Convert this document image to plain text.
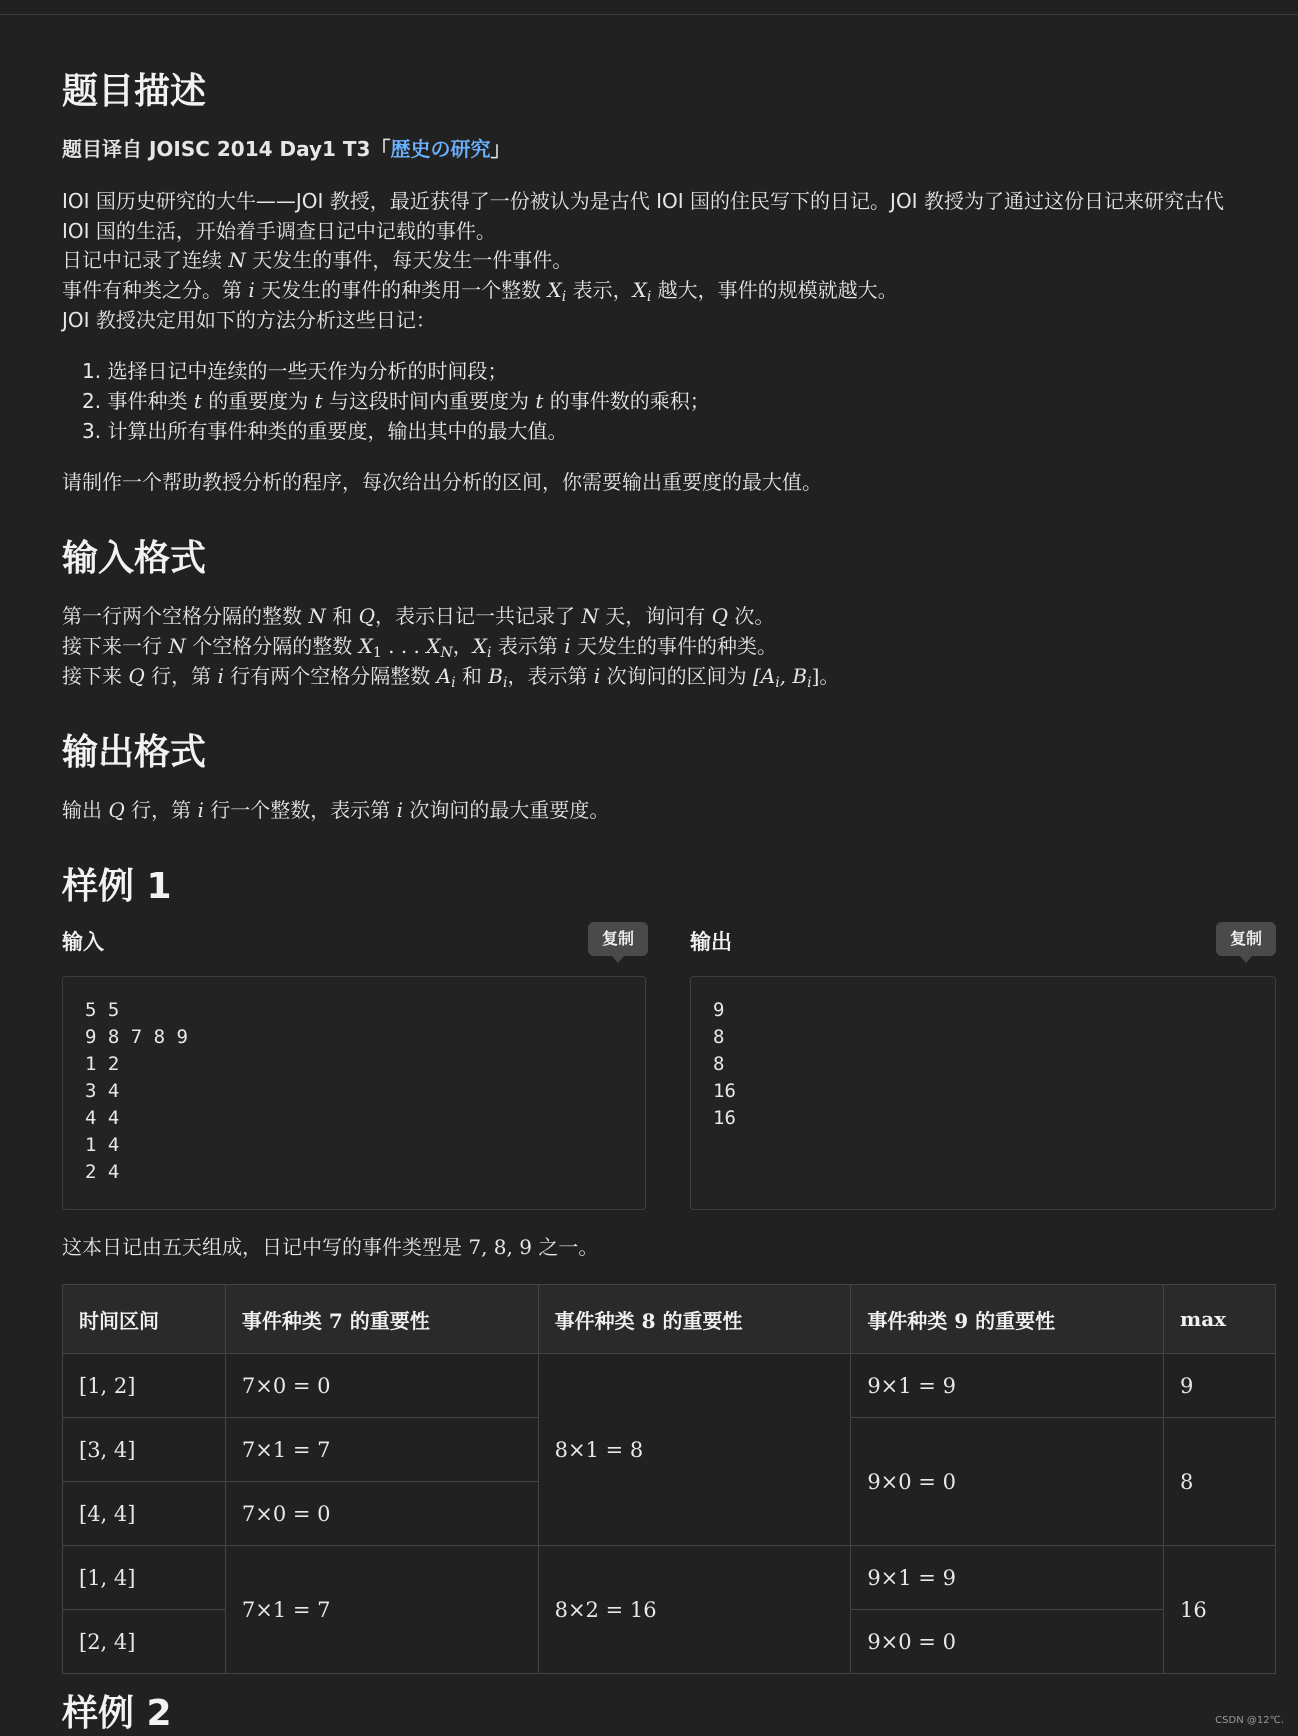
题目描述
题目译自 JOISC 2014 Day1 T3「歴史の研究」
IOI 国历史研究的大牛——JOI 教授，最近获得了一份被认为是古代 IOI 国的住民写下的日记。JOI 教授为了通过这份日记来研究古代
IOI 国的生活，开始着手调查日记中记载的事件。
日记中记录了连续 N 天发生的事件，每天发生一件事件。
事件有种类之分。第 i 天发生的事件的种类用一个整数 $X_i$ 表示，$X_i$ 越大，事件的规模就越大。
JOI 教授决定用如下的方法分析这些日记：
1. 选择日记中连续的一些天作为分析的时间段；
2. 事件种类 t 的重要度为 t 与这段时间内重要度为 t 的事件数的乘积；
3. 计算出所有事件种类的重要度，输出其中的最大值。
请制作一个帮助教授分析的程序，每次给出分析的区间，你需要输出重要度的最大值。
输入格式
第一行两个空格分隔的整数 N 和 Q，表示日记一共记录了 N 天，询问有 Q 次。
接下来一行 N 个空格分隔的整数 $X_1$ . . . $X_N$，$X_i$ 表示第 i 天发生的事件的种类。
接下来 Q 行，第 i 行有两个空格分隔整数 $A_i$ 和 $B_i$，表示第 i 次询问的区间为 [$A_i$, $B_i$]。
输出格式
输出 Q 行，第 i 行一个整数，表示第 i 次询问的最大重要度。
样例 1
输入	复制
5 5
9 8 7 8 9
1 2
3 4
4 4
1 4
2 4
输出	复制
9
8
8
16
16
这本日记由五天组成，日记中写的事件类型是 7, 8, 9 之一。
时间区间	事件种类 7 的重要性	事件种类 8 的重要性	事件种类 9 的重要性	max
[1, 2]	7×0 = 0	8×1 = 8	9×1 = 9	9
[3, 4]	7×1 = 7		9×0 = 0	8
[4, 4]	7×0 = 0			
[1, 4]	7×1 = 7	8×2 = 16	9×1 = 9	16
[2, 4]			9×0 = 0	
样例 2	CSDN @12℃.
